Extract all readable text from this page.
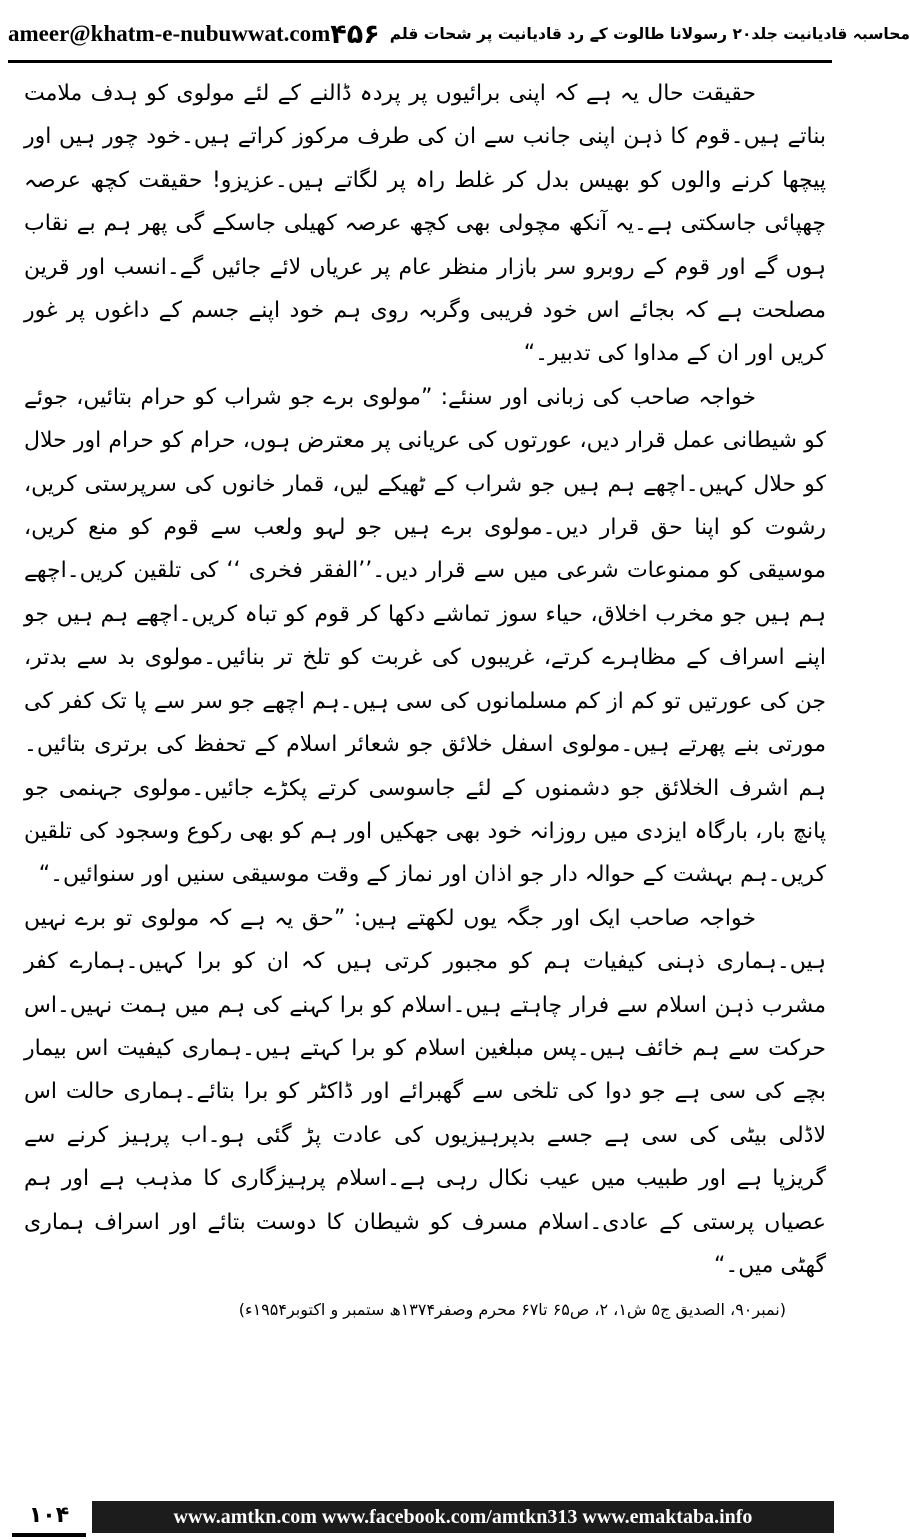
ameer@khatm-e-nubuwwat.com	محاسبہ قادیانیت جلد۲۰ رسولانا طالوت کے رد قادیانیت پر شحات قلم
۴۵۶

حقیقت حال یہ ہے کہ اپنی برائیوں پر پردہ ڈالنے کے لئے مولوی کو ہدف ملامت بناتے ہیں۔قوم کا ذہن اپنی جانب سے ان کی طرف مرکوز کراتے ہیں۔خود چور ہیں اور پیچھا کرنے والوں کو بھیس بدل کر غلط راہ پر لگاتے ہیں۔عزیزو! حقیقت کچھ عرصہ چھپائی جاسکتی ہے۔یہ آنکھ مچولی بھی کچھ عرصہ کھیلی جاسکے گی پھر ہم بے نقاب ہوں گے اور قوم کے روبرو سر بازار منظر عام پر عریاں لائے جائیں گے۔انسب اور قرین مصلحت ہے کہ بجائے اس خود فریبی وگربہ روی ہم خود اپنے جسم کے داغوں پر غور کریں اور ان کے مداوا کی تدبیر۔“

خواجہ صاحب کی زبانی اور سنئے: ”مولوی برے جو شراب کو حرام بتائیں، جوئے کو شیطانی عمل قرار دیں، عورتوں کی عریانی پر معترض ہوں، حرام کو حرام اور حلال کو حلال کہیں۔اچھے ہم ہیں جو شراب کے ٹھیکے لیں، قمار خانوں کی سرپرستی کریں، رشوت کو اپنا حق قرار دیں۔مولوی برے ہیں جو لہو ولعب سے قوم کو منع کریں، موسیقی کو ممنوعات شرعی میں سے قرار دیں۔’’الفقر فخری ‘‘ کی تلقین کریں۔اچھے ہم ہیں جو مخرب اخلاق، حیاء سوز تماشے دکھا کر قوم کو تباہ کریں۔اچھے ہم ہیں جو اپنے اسراف کے مظاہرے کرتے، غریبوں کی غربت کو تلخ تر بنائیں۔مولوی بد سے بدتر، جن کی عورتیں تو کم از کم مسلمانوں کی سی ہیں۔ہم اچھے جو سر سے پا تک کفر کی مورتی بنے پھرتے ہیں۔مولوی اسفل خلائق جو شعائر اسلام کے تحفظ کی برتری بتائیں۔ہم اشرف الخلائق جو دشمنوں کے لئے جاسوسی کرتے پکڑے جائیں۔مولوی جہنمی جو پانچ بار، بارگاہ ایزدی میں روزانہ خود بھی جھکیں اور ہم کو بھی رکوع وسجود کی تلقین کریں۔ہم بہشت کے حوالہ دار جو اذان اور نماز کے وقت موسیقی سنیں اور سنوائیں۔“

خواجہ صاحب ایک اور جگہ یوں لکھتے ہیں: ”حق یہ ہے کہ مولوی تو برے نہیں ہیں۔ہماری ذہنی کیفیات ہم کو مجبور کرتی ہیں کہ ان کو برا کہیں۔ہمارے کفر مشرب ذہن اسلام سے فرار چاہتے ہیں۔اسلام کو برا کہنے کی ہم میں ہمت نہیں۔اس حرکت سے ہم خائف ہیں۔پس مبلغین اسلام کو برا کہتے ہیں۔ہماری کیفیت اس بیمار بچے کی سی ہے جو دوا کی تلخی سے گھبرائے اور ڈاکٹر کو برا بتائے۔ہماری حالت اس لاڈلی بیٹی کی سی ہے جسے بدپرہیزیوں کی عادت پڑ گئی ہو۔اب پرہیز کرنے سے گریزپا ہے اور طبیب میں عیب نکال رہی ہے۔اسلام پرہیزگاری کا مذہب ہے اور ہم عصیاں پرستی کے عادی۔اسلام مسرف کو شیطان کا دوست بتائے اور اسراف ہماری گھٹی میں۔“

(نمبر۹۰، الصدیق ج۵ ش۱، ۲، ص۶۵ تا۶۷ محرم وصفر۱۳۷۴ھ ستمبر و اکتوبر۱۹۵۴ء)

۱۰۴	www.amtkn.com www.facebook.com/amtkn313 www.emaktaba.info
